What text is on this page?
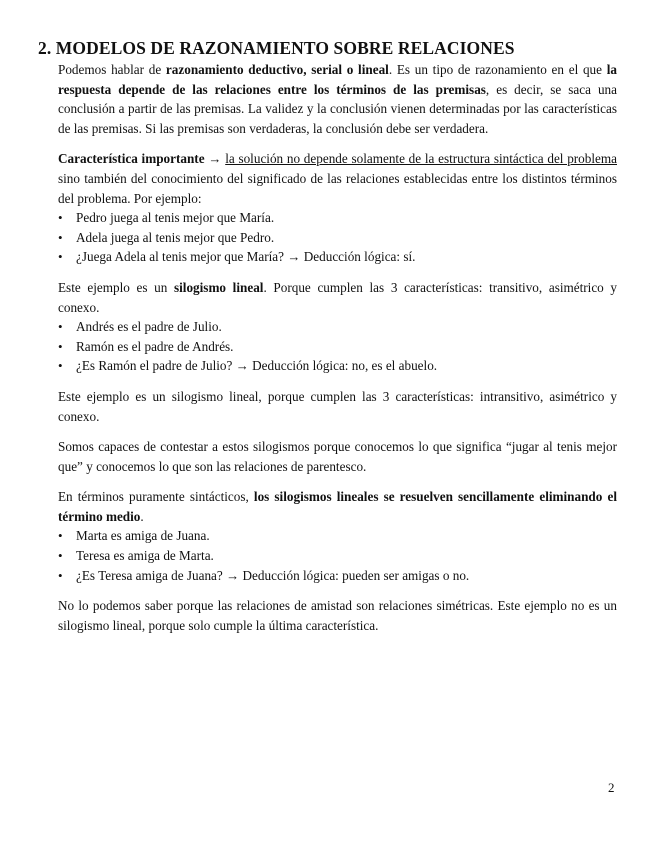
2. MODELOS DE RAZONAMIENTO SOBRE RELACIONES

Podemos hablar de razonamiento deductivo, serial o lineal. Es un tipo de razonamiento en el que la respuesta depende de las relaciones entre los términos de las premisas, es decir, se saca una conclusión a partir de las premisas. La validez y la conclusión vienen determinadas por las características de las premisas. Si las premisas son verdaderas, la conclusión debe ser verdadera.

Característica importante → la solución no depende solamente de la estructura sintáctica del problema sino también del conocimiento del significado de las relaciones establecidas entre los distintos términos del problema. Por ejemplo:

• Pedro juega al tenis mejor que María.
• Adela juega al tenis mejor que Pedro.
• ¿Juega Adela al tenis mejor que María? → Deducción lógica: sí.

Este ejemplo es un silogismo lineal. Porque cumplen las 3 características: transitivo, asimétrico y conexo.

• Andrés es el padre de Julio.
• Ramón es el padre de Andrés.
• ¿Es Ramón el padre de Julio? → Deducción lógica: no, es el abuelo.

Este ejemplo es un silogismo lineal, porque cumplen las 3 características: intransitivo, asimétrico y conexo.

Somos capaces de contestar a estos silogismos porque conocemos lo que significa “jugar al tenis mejor que” y conocemos lo que son las relaciones de parentesco.

En términos puramente sintácticos, los silogismos lineales se resuelven sencillamente eliminando el término medio.

• Marta es amiga de Juana.
• Teresa es amiga de Marta.
• ¿Es Teresa amiga de Juana? → Deducción lógica: pueden ser amigas o no.

No lo podemos saber porque las relaciones de amistad son relaciones simétricas. Este ejemplo no es un silogismo lineal, porque solo cumple la última característica.

2
